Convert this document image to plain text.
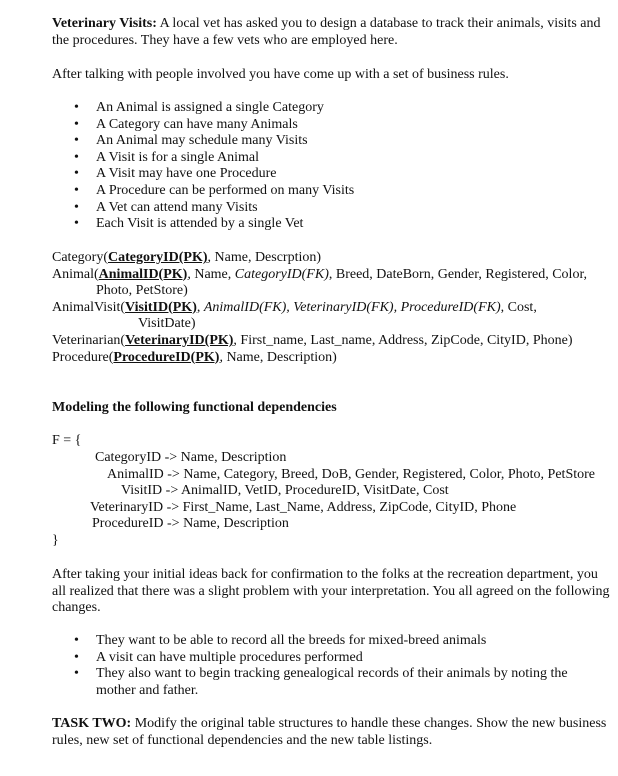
Veterinary Visits: A local vet has asked you to design a database to track their animals, visits and the procedures. They have a few vets who are employed here.

After talking with people involved you have come up with a set of business rules.

• An Animal is assigned a single Category
• A Category can have many Animals
• An Animal may schedule many Visits
• A Visit is for a single Animal
• A Visit may have one Procedure
• A Procedure can be performed on many Visits
• A Vet can attend many Visits
• Each Visit is attended by a single Vet
Category(CategoryID(PK), Name, Descrption)
Animal(AnimalID(PK), Name, CategoryID(FK), Breed, DateBorn, Gender, Registered, Color,
Photo, PetStore)
AnimalVisit(VisitID(PK), AnimalID(FK), VeterinaryID(FK), ProcedureID(FK), Cost,
VisitDate)
Veterinarian(VeterinaryID(PK), First_name, Last_name, Address, ZipCode, CityID, Phone)
Procedure(ProcedureID(PK), Name, Description)

Modeling the following functional dependencies

F = {

CategoryID -> Name, Description
AnimalID -> Name, Category, Breed, DoB, Gender, Registered, Color, Photo, PetStore
VisitID -> AnimalID, VetID, ProcedureID, VisitDate, Cost
VeterinaryID -> First_Name, Last_Name, Address, ZipCode, CityID, Phone
ProcedureID -> Name, Description

}

After taking your initial ideas back for confirmation to the folks at the recreation department, you all realized that there was a slight problem with your interpretation. You all agreed on the following changes.

• They want to be able to record all the breeds for mixed-breed animals
• A visit can have multiple procedures performed
• They also want to begin tracking genealogical records of their animals by noting the
mother and father.

TASK TWO: Modify the original table structures to handle these changes. Show the new business rules, new set of functional dependencies and the new table listings.
